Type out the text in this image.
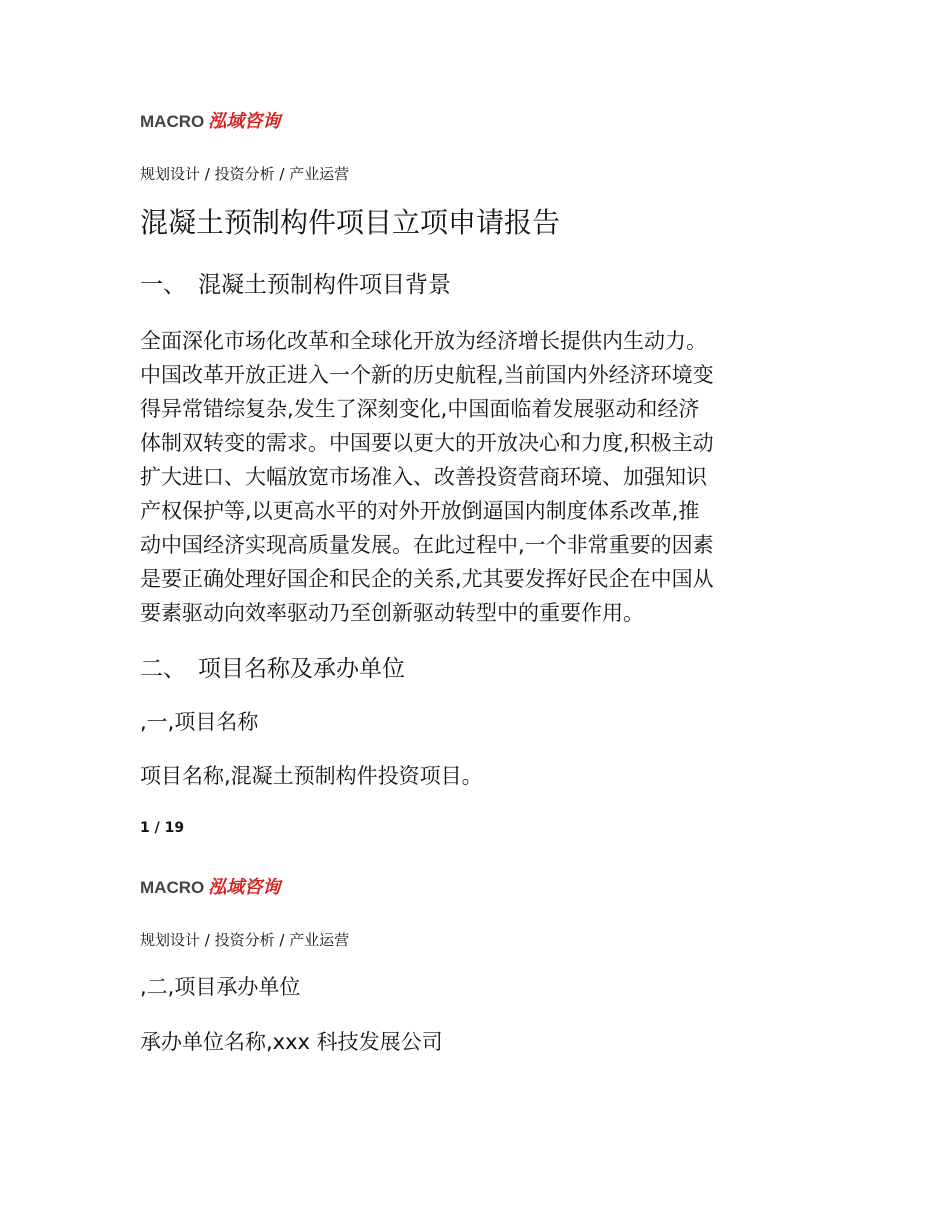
MACRO 泓域咨询
规划设计 / 投资分析 / 产业运营
混凝土预制构件项目立项申请报告
一、 混凝土预制构件项目背景
全面深化市场化改革和全球化开放为经济增长提供内生动力。
中国改革开放正进入一个新的历史航程,当前国内外经济环境变
得异常错综复杂,发生了深刻变化,中国面临着发展驱动和经济
体制双转变的需求。中国要以更大的开放决心和力度,积极主动
扩大进口、大幅放宽市场准入、改善投资营商环境、加强知识
产权保护等,以更高水平的对外开放倒逼国内制度体系改革,推
动中国经济实现高质量发展。在此过程中,一个非常重要的因素
是要正确处理好国企和民企的关系,尤其要发挥好民企在中国从
要素驱动向效率驱动乃至创新驱动转型中的重要作用。
二、 项目名称及承办单位
,一,项目名称
项目名称,混凝土预制构件投资项目。
1 / 19
MACRO 泓域咨询
规划设计 / 投资分析 / 产业运营
,二,项目承办单位
承办单位名称,xxx 科技发展公司
